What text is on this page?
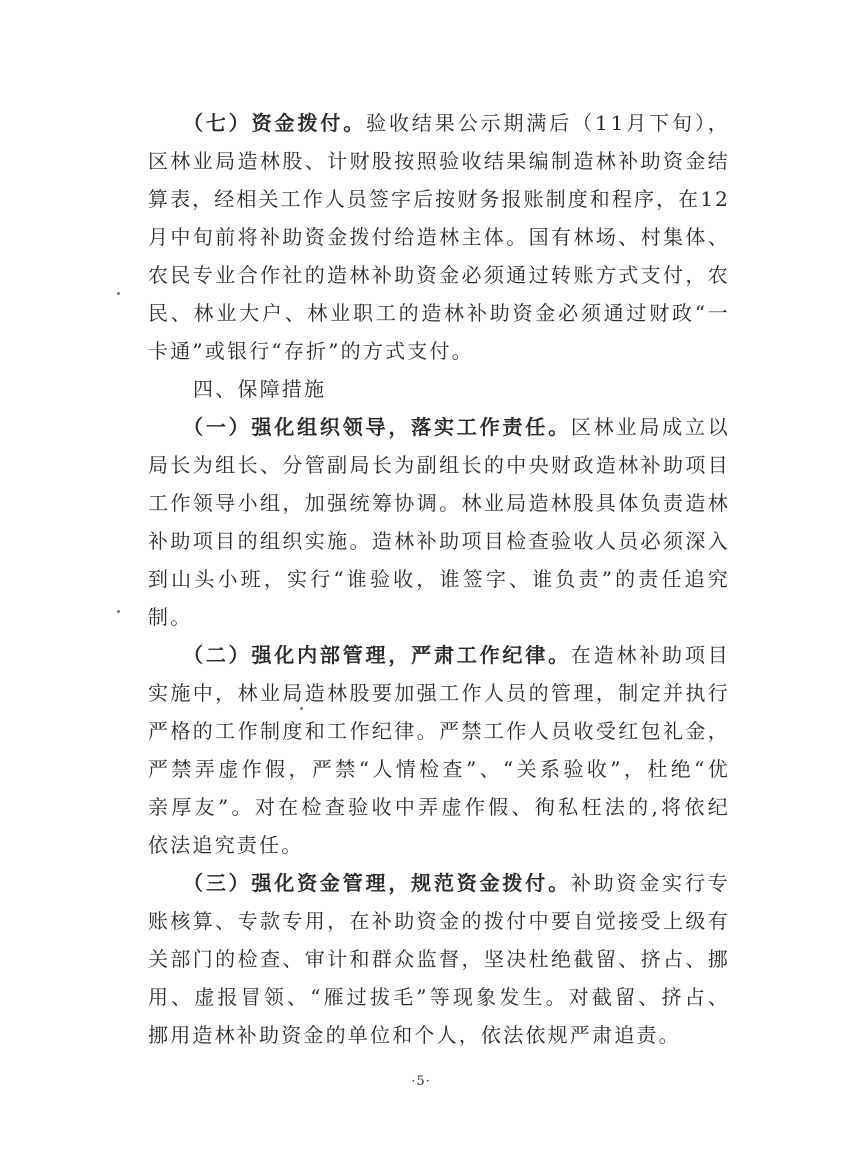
（七）资金拨付。验收结果公示期满后（11月下旬），
区林业局造林股、计财股按照验收结果编制造林补助资金结
算表，经相关工作人员签字后按财务报账制度和程序，在12
月中旬前将补助资金拨付给造林主体。国有林场、村集体、
农民专业合作社的造林补助资金必须通过转账方式支付，农
民、林业大户、林业职工的造林补助资金必须通过财政“一
卡通”或银行“存折”的方式支付。
四、保障措施
（一）强化组织领导，落实工作责任。区林业局成立以
局长为组长、分管副局长为副组长的中央财政造林补助项目
工作领导小组，加强统筹协调。林业局造林股具体负责造林
补助项目的组织实施。造林补助项目检查验收人员必须深入
到山头小班，实行“谁验收，谁签字、谁负责”的责任追究
制。
（二）强化内部管理，严肃工作纪律。在造林补助项目
实施中，林业局造林股要加强工作人员的管理，制定并执行
严格的工作制度和工作纪律。严禁工作人员收受红包礼金，
严禁弄虚作假，严禁“人情检查”、“关系验收”，杜绝“优
亲厚友”。对在检查验收中弄虚作假、徇私枉法的,将依纪
依法追究责任。
（三）强化资金管理，规范资金拨付。补助资金实行专
账核算、专款专用，在补助资金的拨付中要自觉接受上级有
关部门的检查、审计和群众监督，坚决杜绝截留、挤占、挪
用、虚报冒领、“雁过拔毛”等现象发生。对截留、挤占、
挪用造林补助资金的单位和个人，依法依规严肃追责。
·5·
